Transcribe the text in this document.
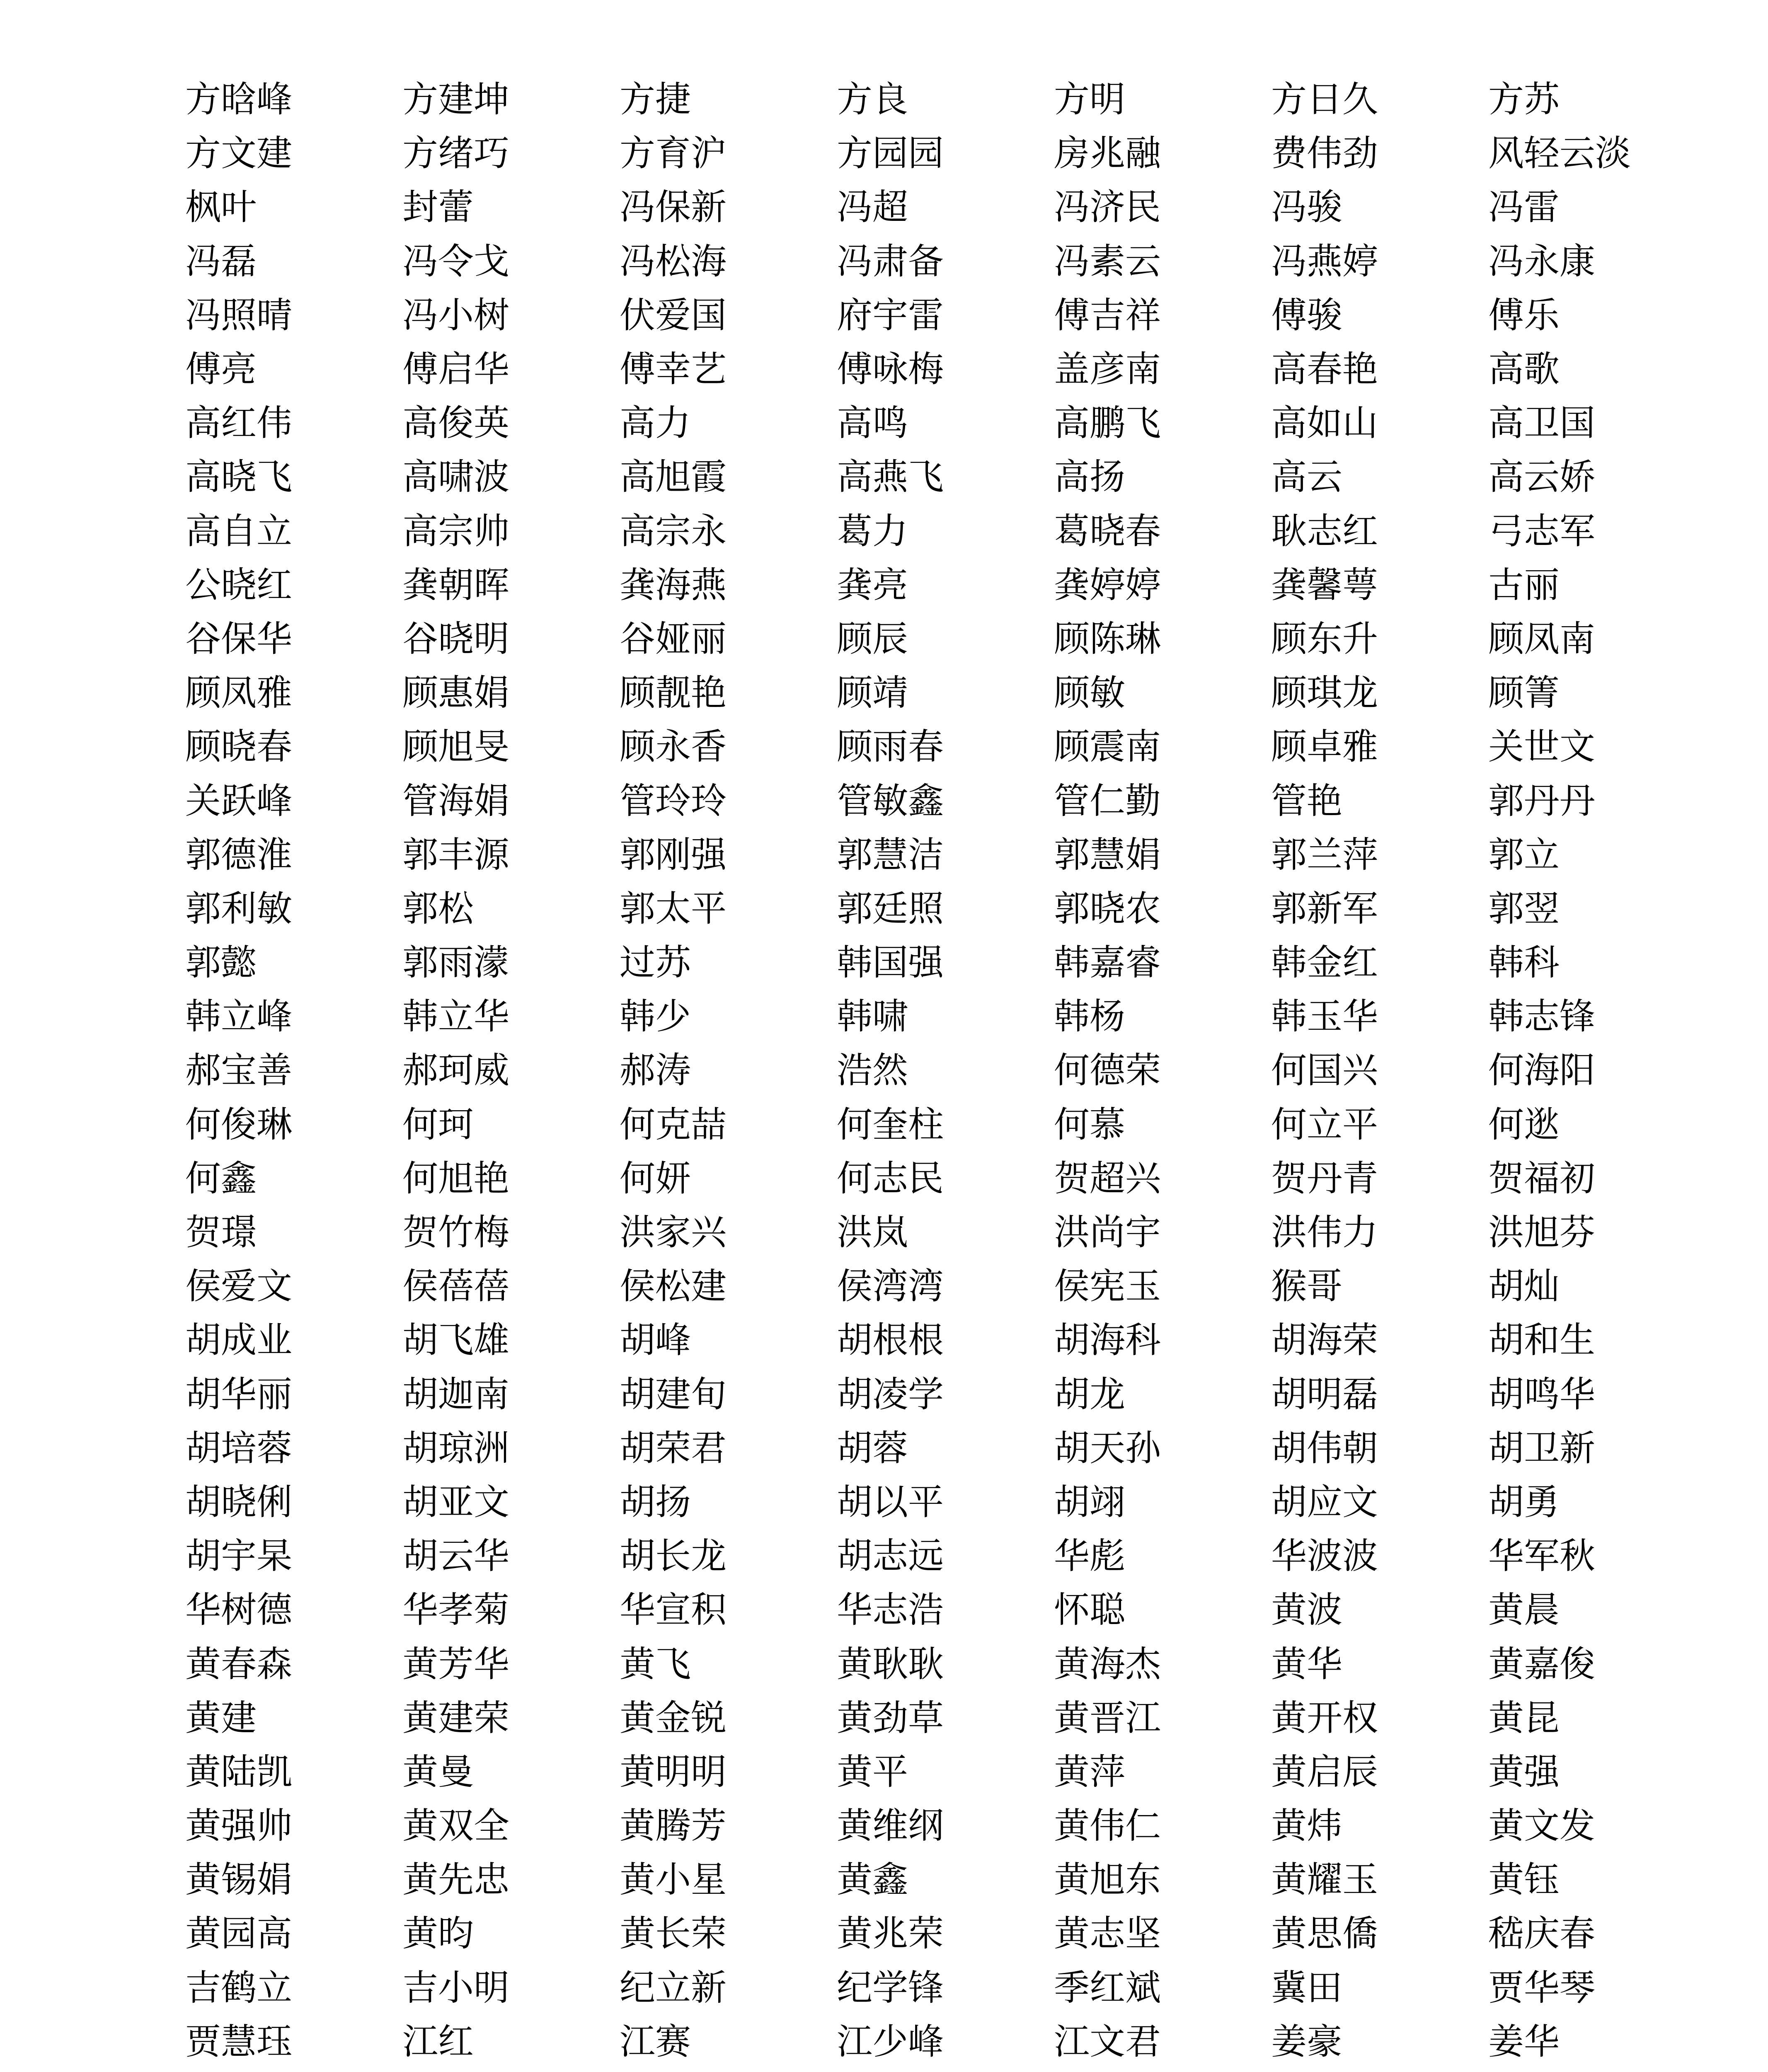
方晗峰	方建坤	方捷	方良	方明	方日久	方苏
方文建	方绪巧	方育沪	方园园	房兆融	费伟劲	风轻云淡
枫叶	封蕾	冯保新	冯超	冯济民	冯骏	冯雷
冯磊	冯令戈	冯松海	冯肃备	冯素云	冯燕婷	冯永康
冯照晴	冯小树	伏爱国	府宇雷	傅吉祥	傅骏	傅乐
傅亮	傅启华	傅幸艺	傅咏梅	盖彦南	高春艳	高歌
高红伟	高俊英	高力	高鸣	高鹏飞	高如山	高卫国
高晓飞	高啸波	高旭霞	高燕飞	高扬	高云	高云娇
高自立	高宗帅	高宗永	葛力	葛晓春	耿志红	弓志军
公晓红	龚朝晖	龚海燕	龚亮	龚婷婷	龚馨萼	古丽
谷保华	谷晓明	谷娅丽	顾辰	顾陈琳	顾东升	顾凤南
顾凤雅	顾惠娟	顾靓艳	顾靖	顾敏	顾琪龙	顾箐
顾晓春	顾旭旻	顾永香	顾雨春	顾震南	顾卓雅	关世文
关跃峰	管海娟	管玲玲	管敏鑫	管仁勤	管艳	郭丹丹
郭德淮	郭丰源	郭刚强	郭慧洁	郭慧娟	郭兰萍	郭立
郭利敏	郭松	郭太平	郭廷照	郭晓农	郭新军	郭翌
郭懿	郭雨濛	过苏	韩国强	韩嘉睿	韩金红	韩科
韩立峰	韩立华	韩少	韩啸	韩杨	韩玉华	韩志锋
郝宝善	郝珂威	郝涛	浩然	何德荣	何国兴	何海阳
何俊琳	何珂	何克喆	何奎柱	何慕	何立平	何逖
何鑫	何旭艳	何妍	何志民	贺超兴	贺丹青	贺福初
贺璟	贺竹梅	洪家兴	洪岚	洪尚宇	洪伟力	洪旭芬
侯爱文	侯蓓蓓	侯松建	侯湾湾	侯宪玉	猴哥	胡灿
胡成业	胡飞雄	胡峰	胡根根	胡海科	胡海荣	胡和生
胡华丽	胡迦南	胡建旬	胡凌学	胡龙	胡明磊	胡鸣华
胡培蓉	胡琼洲	胡荣君	胡蓉	胡天孙	胡伟朝	胡卫新
胡晓俐	胡亚文	胡扬	胡以平	胡翊	胡应文	胡勇
胡宇杲	胡云华	胡长龙	胡志远	华彪	华波波	华军秋
华树德	华孝菊	华宣积	华志浩	怀聪	黄波	黄晨
黄春森	黄芳华	黄飞	黄耿耿	黄海杰	黄华	黄嘉俊
黄建	黄建荣	黄金锐	黄劲草	黄晋江	黄开权	黄昆
黄陆凯	黄曼	黄明明	黄平	黄萍	黄启辰	黄强
黄强帅	黄双全	黄腾芳	黄维纲	黄伟仁	黄炜	黄文发
黄锡娟	黄先忠	黄小星	黄鑫	黄旭东	黄耀玉	黄钰
黄园高	黄昀	黄长荣	黄兆荣	黄志坚	黄思僑	嵇庆春
吉鹤立	吉小明	纪立新	纪学锋	季红斌	冀田	贾华琴
贾慧珏	江红	江赛	江少峰	江文君	姜豪	姜华
